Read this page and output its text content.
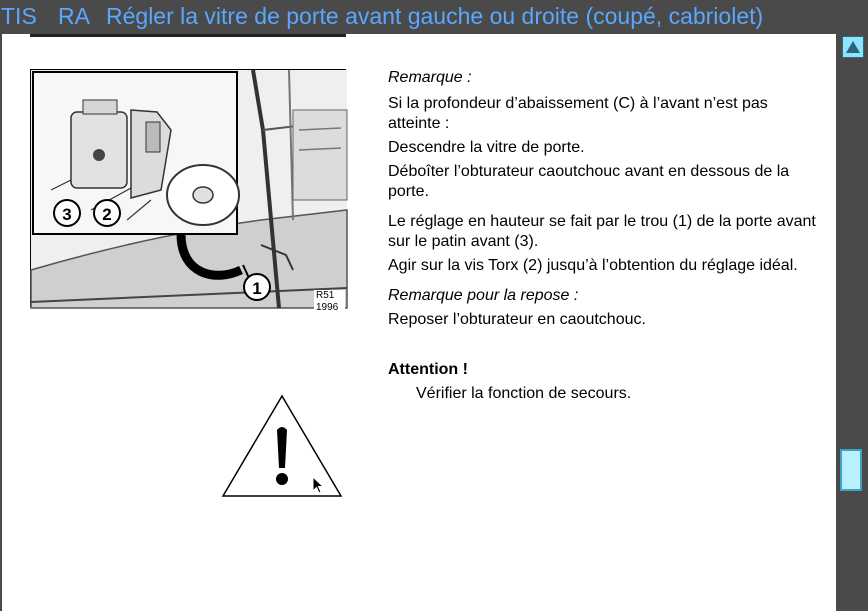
TIS RA Régler la vitre de porte avant gauche ou droite (coupé, cabriolet)
3	2
1	R51 1996

Remarque :

Si la profondeur d’abaissement (C) à l’avant n’est pas atteinte :

Descendre la vitre de porte.

Déboîter l’obturateur caoutchouc avant en dessous de la porte.

Le réglage en hauteur se fait par le trou (1) de la porte avant sur le patin avant (3).

Agir sur la vis Torx (2) jusqu’à l’obtention du réglage idéal.

Remarque pour la repose :

Reposer l’obturateur en caoutchouc.

Attention !

Vérifier la fonction de secours.
